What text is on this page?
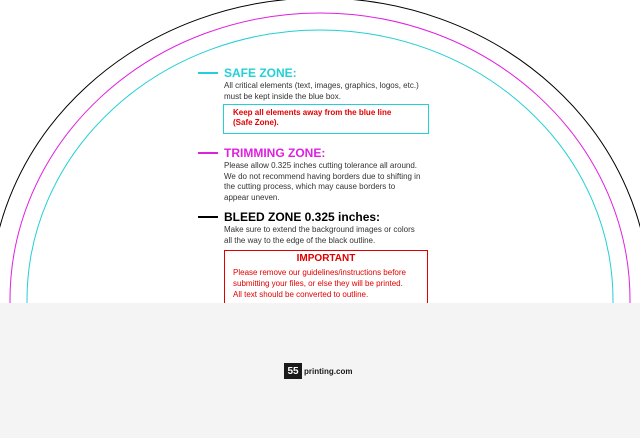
SAFE ZONE:
All critical elements (text, images, graphics, logos, etc.)
must be kept inside the blue box.
Keep all elements away from the blue line
(Safe Zone).
TRIMMING ZONE:
Please allow 0.325 inches cutting tolerance all around.
We do not recommend having borders due to shifting in
the cutting process, which may cause borders to
appear uneven.
BLEED ZONE 0.325 inches:
Make sure to extend the background images or colors
all the way to the edge of the black outline.
IMPORTANT
Please remove our guidelines/instructions before
submitting your files, or else they will be printed.
All text should be converted to outline.
55 printing.com
